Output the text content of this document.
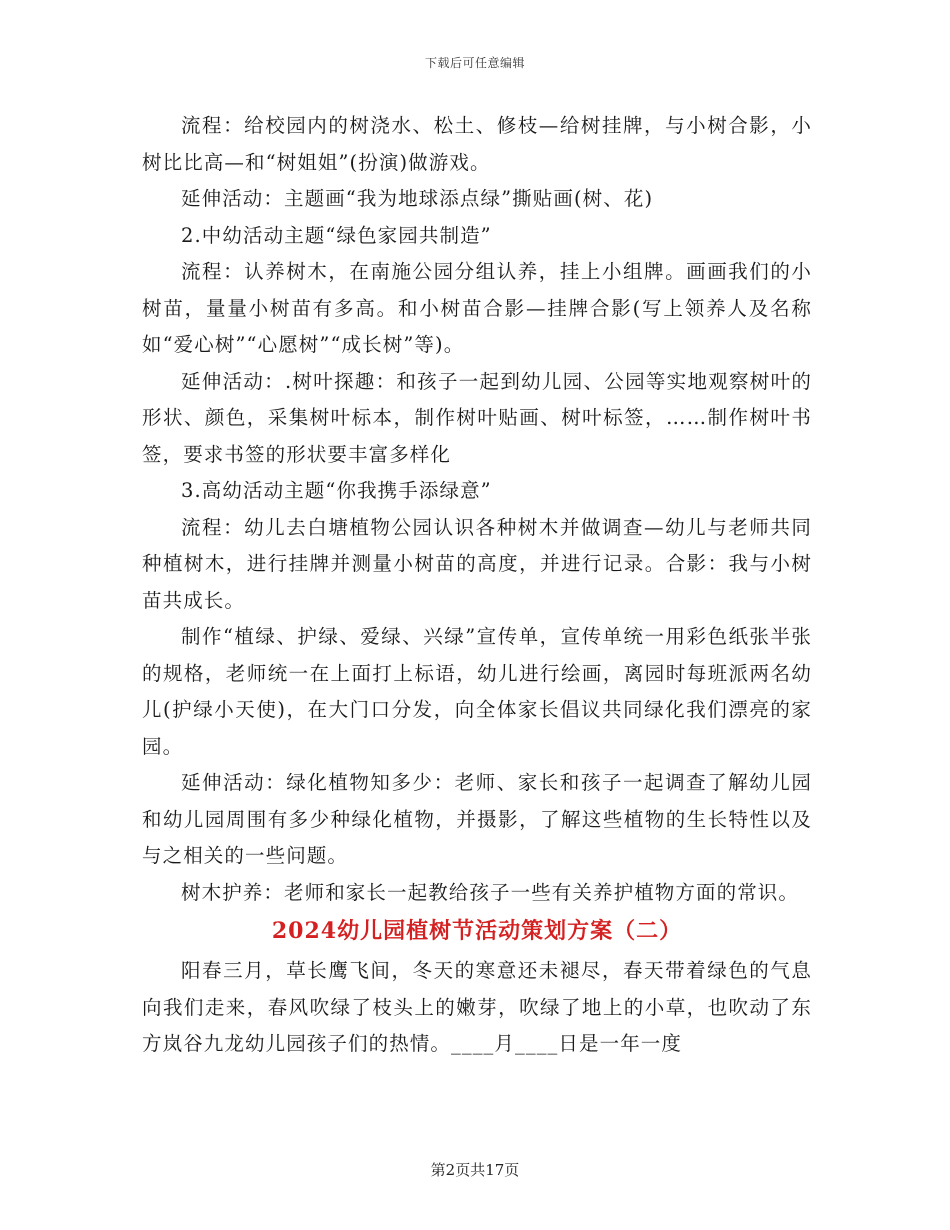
下载后可任意编辑

流程：给校园内的树浇水、松土、修枝—给树挂牌，与小树合影，小树比比高—和“树姐姐”(扮演)做游戏。

延伸活动：主题画“我为地球添点绿”撕贴画(树、花)

2.中幼活动主题“绿色家园共制造”

流程：认养树木，在南施公园分组认养，挂上小组牌。画画我们的小树苗，量量小树苗有多高。和小树苗合影—挂牌合影(写上领养人及名称如“爱心树”“心愿树”“成长树”等)。

延伸活动：.树叶探趣：和孩子一起到幼儿园、公园等实地观察树叶的形状、颜色，采集树叶标本，制作树叶贴画、树叶标签，……制作树叶书签，要求书签的形状要丰富多样化

3.高幼活动主题“你我携手添绿意”

流程：幼儿去白塘植物公园认识各种树木并做调查—幼儿与老师共同种植树木，进行挂牌并测量小树苗的高度，并进行记录。合影：我与小树苗共成长。

制作“植绿、护绿、爱绿、兴绿”宣传单，宣传单统一用彩色纸张半张的规格，老师统一在上面打上标语，幼儿进行绘画，离园时每班派两名幼儿(护绿小天使)，在大门口分发，向全体家长倡议共同绿化我们漂亮的家园。

延伸活动：绿化植物知多少：老师、家长和孩子一起调查了解幼儿园和幼儿园周围有多少种绿化植物，并摄影，了解这些植物的生长特性以及与之相关的一些问题。

树木护养：老师和家长一起教给孩子一些有关养护植物方面的常识。

2024幼儿园植树节活动策划方案（二）

阳春三月，草长鹰飞间，冬天的寒意还未褪尽，春天带着绿色的气息向我们走来，春风吹绿了枝头上的嫩芽，吹绿了地上的小草，也吹动了东方岚谷九龙幼儿园孩子们的热情。____月____日是一年一度

第2页共17页
